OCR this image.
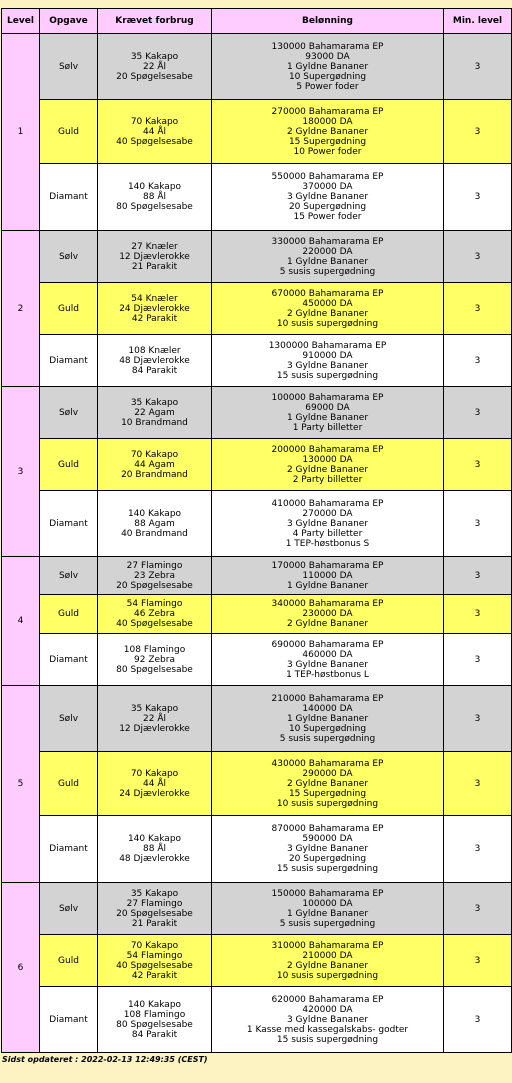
Level	Opgave	Krævet forbrug	Belønning	Min. level
1	Sølv	35 Kakapo
22 Ål
20 Spøgelsesabe	130000 Bahamarama EP
93000 DA
1 Gyldne Bananer
10 Supergødning
5 Power foder	3
	Guld	70 Kakapo
44 Ål
40 Spøgelsesabe	270000 Bahamarama EP
180000 DA
2 Gyldne Bananer
15 Supergødning
10 Power foder	3
	Diamant	140 Kakapo
88 Ål
80 Spøgelsesabe	550000 Bahamarama EP
370000 DA
3 Gyldne Bananer
20 Supergødning
15 Power foder	3
2	Sølv	27 Knæler
12 Djævlerokke
21 Parakit	330000 Bahamarama EP
220000 DA
1 Gyldne Bananer
5 susis supergødning	3
	Guld	54 Knæler
24 Djævlerokke
42 Parakit	670000 Bahamarama EP
450000 DA
2 Gyldne Bananer
10 susis supergødning	3
	Diamant	108 Knæler
48 Djævlerokke
84 Parakit	1300000 Bahamarama EP
910000 DA
3 Gyldne Bananer
15 susis supergødning	3
3	Sølv	35 Kakapo
22 Agam
10 Brandmand	100000 Bahamarama EP
69000 DA
1 Gyldne Bananer
1 Party billetter	3
	Guld	70 Kakapo
44 Agam
20 Brandmand	200000 Bahamarama EP
130000 DA
2 Gyldne Bananer
2 Party billetter	3
	Diamant	140 Kakapo
88 Agam
40 Brandmand	410000 Bahamarama EP
270000 DA
3 Gyldne Bananer
4 Party billetter
1 TEP-høstbonus S	3
4	Sølv	27 Flamingo
23 Zebra
20 Spøgelsesabe	170000 Bahamarama EP
110000 DA
1 Gyldne Bananer	3
	Guld	54 Flamingo
46 Zebra
40 Spøgelsesabe	340000 Bahamarama EP
230000 DA
2 Gyldne Bananer	3
	Diamant	108 Flamingo
92 Zebra
80 Spøgelsesabe	690000 Bahamarama EP
460000 DA
3 Gyldne Bananer
1 TEP-høstbonus L	3
5	Sølv	35 Kakapo
22 Ål
12 Djævlerokke	210000 Bahamarama EP
140000 DA
1 Gyldne Bananer
10 Supergødning
5 susis supergødning	3
	Guld	70 Kakapo
44 Ål
24 Djævlerokke	430000 Bahamarama EP
290000 DA
2 Gyldne Bananer
15 Supergødning
10 susis supergødning	3
	Diamant	140 Kakapo
88 Ål
48 Djævlerokke	870000 Bahamarama EP
590000 DA
3 Gyldne Bananer
20 Supergødning
15 susis supergødning	3
6	Sølv	35 Kakapo
27 Flamingo
20 Spøgelsesabe
21 Parakit	150000 Bahamarama EP
100000 DA
1 Gyldne Bananer
5 susis supergødning	3
	Guld	70 Kakapo
54 Flamingo
40 Spøgelsesabe
42 Parakit	310000 Bahamarama EP
210000 DA
2 Gyldne Bananer
10 susis supergødning	3
	Diamant	140 Kakapo
108 Flamingo
80 Spøgelsesabe
84 Parakit	620000 Bahamarama EP
420000 DA
3 Gyldne Bananer
1 Kasse med kassegalskabs- godter
15 susis supergødning	3
Sidst opdateret : 2022-02-13 12:49:35 (CEST)
